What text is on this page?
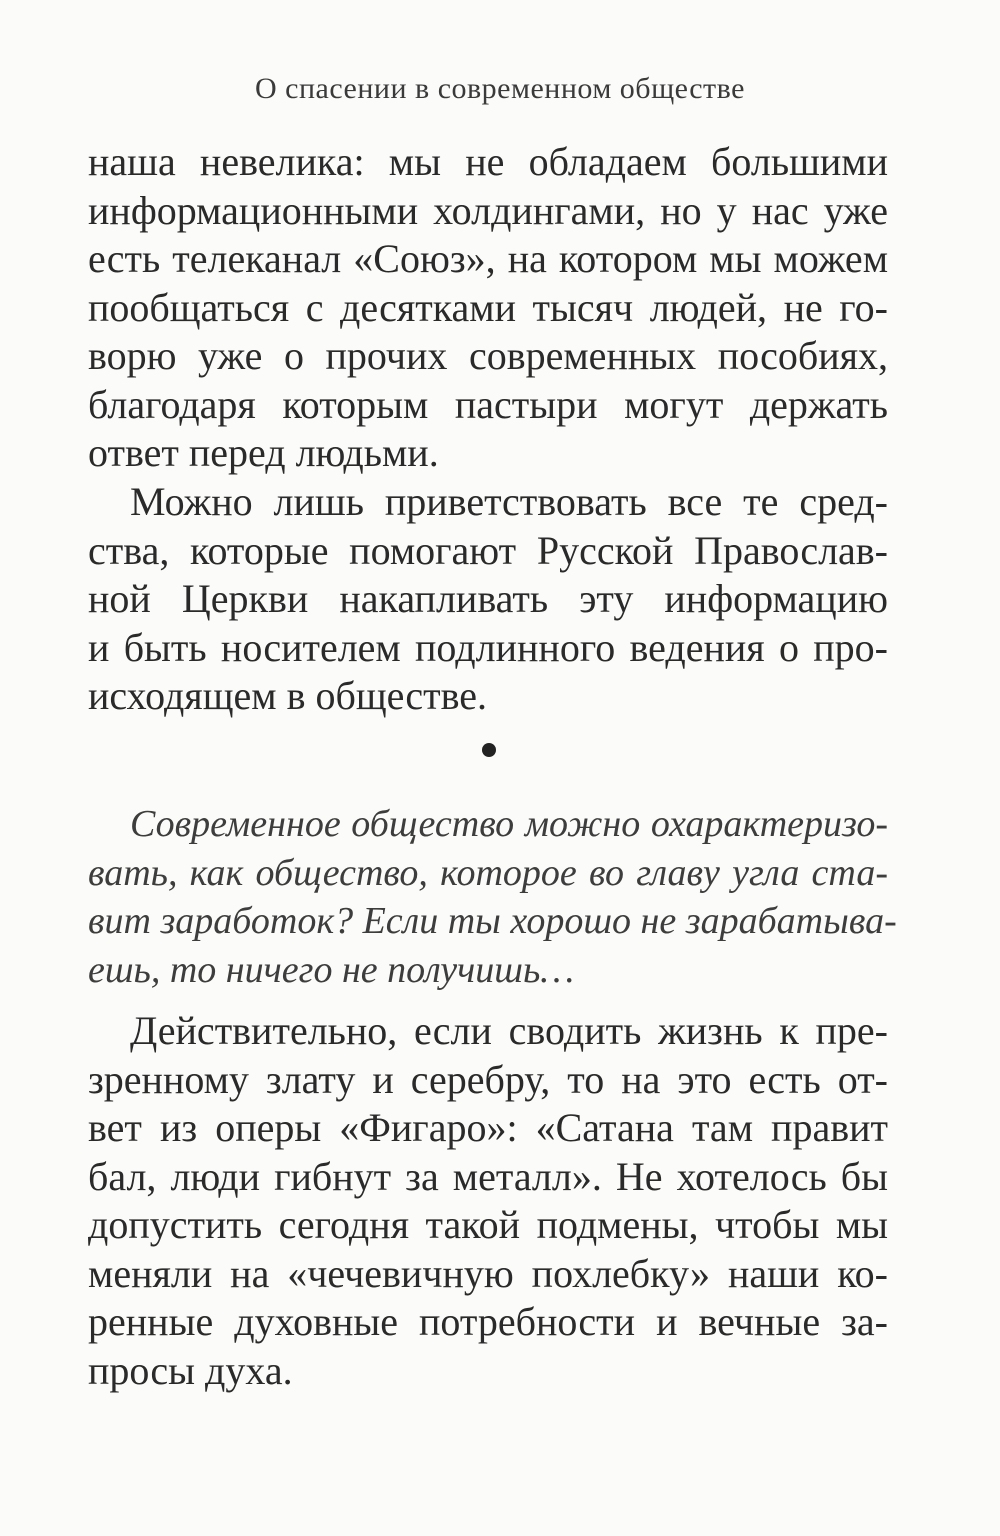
О спасении в современном обществе
наша невелика: мы не обладаем большими
информационными холдингами, но у нас уже
есть телеканал «Союз», на котором мы можем
пообщаться с десятками тысяч людей, не го-
ворю уже о прочих современных пособиях,
благодаря которым пастыри могут держать
ответ перед людьми.
Можно лишь приветствовать все те сред-
ства, которые помогают Русской Православ-
ной Церкви накапливать эту информацию
и быть носителем подлинного ведения о про-
исходящем в обществе.
Современное общество можно охарактеризо-
вать, как общество, которое во главу угла ста-
вит заработок? Если ты хорошо не зарабатыва-
ешь, то ничего не получишь…
Действительно, если сводить жизнь к пре-
зренному злату и серебру, то на это есть от-
вет из оперы «Фигаро»: «Сатана там правит
бал, люди гибнут за металл». Не хотелось бы
допустить сегодня такой подмены, чтобы мы
меняли на «чечевичную похлебку» наши ко-
ренные духовные потребности и вечные за-
просы духа.
